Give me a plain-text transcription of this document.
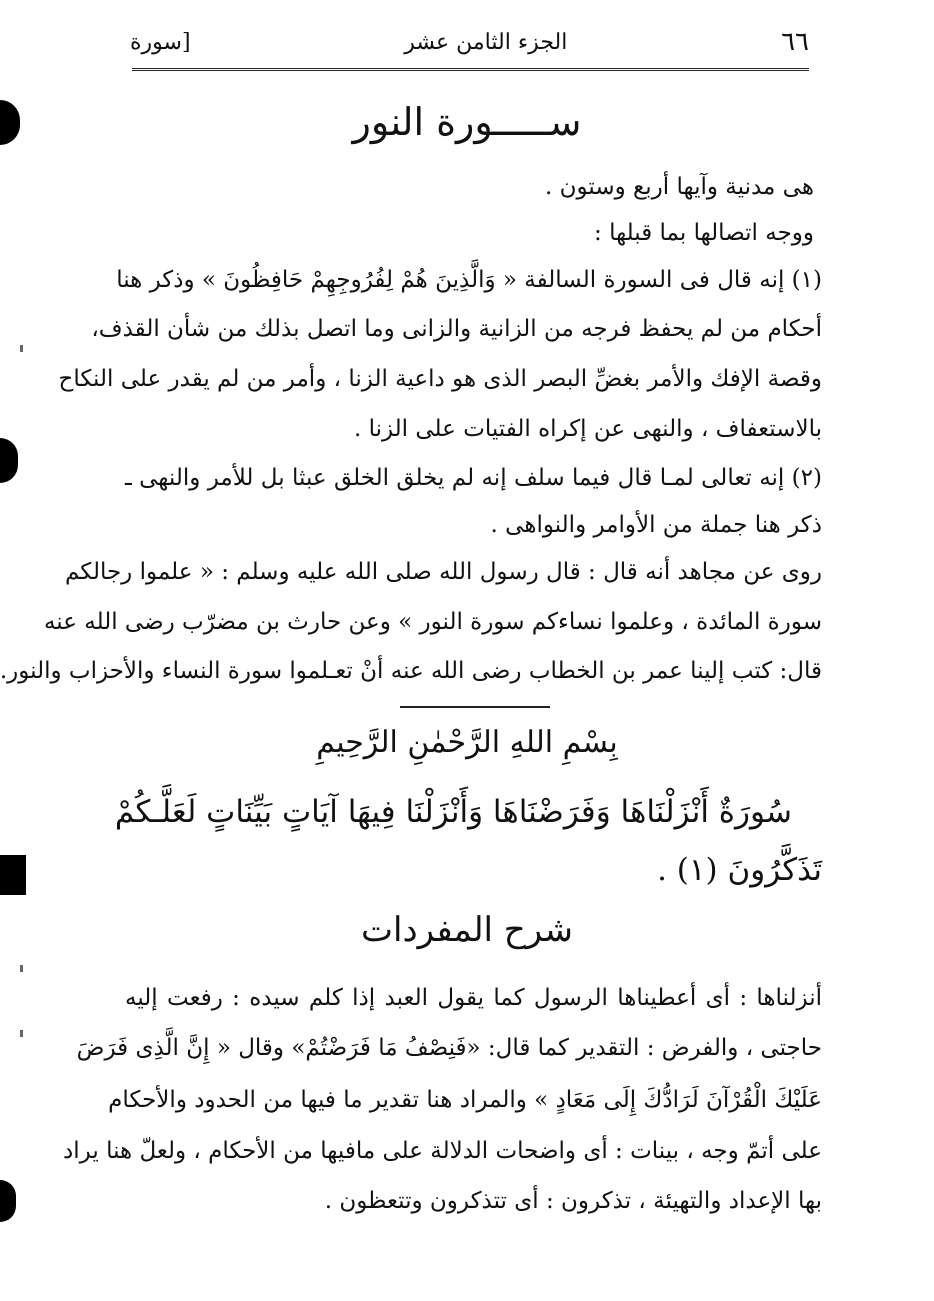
٦٦
الجزء الثامن عشر
[سورة
ســـــورة النور
هى مدنية وآيها أربع وستون .
ووجه اتصالها بما قبلها :
(١) إنه قال فى السورة السالفة « وَالَّذِينَ هُمْ لِفُرُوجِهِمْ حَافِظُونَ » وذكر هنا
أحكام من لم يحفظ فرجه من الزانية والزانى وما اتصل بذلك من شأن القذف،
وقصة الإفك والأمر بغضِّ البصر الذى هو داعية الزنا ، وأمر من لم يقدر على النكاح
بالاستعفاف ، والنهى عن إكراه الفتيات على الزنا .
(٢) إنه تعالى لمـا قال فيما سلف إنه لم يخلق الخلق عبثا بل للأمر والنهى ـ
ذكر هنا جملة من الأوامر والنواهى .
روى عن مجاهد أنه قال : قال رسول الله صلى الله عليه وسلم : « علموا رجالكم
سورة المائدة ، وعلموا نساءكم سورة النور » وعن حارث بن مضرّب رضى الله عنه
قال: كتب إلينا عمر بن الخطاب رضى الله عنه أنْ تعـلموا سورة النساء والأحزاب والنور.
بِسْمِ اللهِ الرَّحْمٰنِ الرَّحِيمِ
سُورَةٌ أَنْزَلْنَاهَا وَفَرَضْنَاهَا وَأَنْزَلْنَا فِيهَا آيَاتٍ بَيِّنَاتٍ لَعَلَّـكُمْ
تَذَكَّرُونَ (١) .
شرح المفردات
أنزلناها : أى أعطيناها الرسول كما يقول العبد إذا كلم سيده : رفعت إليه
حاجتى ، والفرض : التقدير كما قال: «فَنِصْفُ مَا فَرَضْتُمْ» وقال « إِنَّ الَّذِى فَرَضَ
عَلَيْكَ الْقُرْآنَ لَرَادُّكَ إِلَى مَعَادٍ » والمراد هنا تقدير ما فيها من الحدود والأحكام
على أتمّ وجه ، بينات : أى واضحات الدلالة على مافيها من الأحكام ، ولعلّ هنا يراد
بها الإعداد والتهيئة ، تذكرون : أى تتذكرون وتتعظون .
